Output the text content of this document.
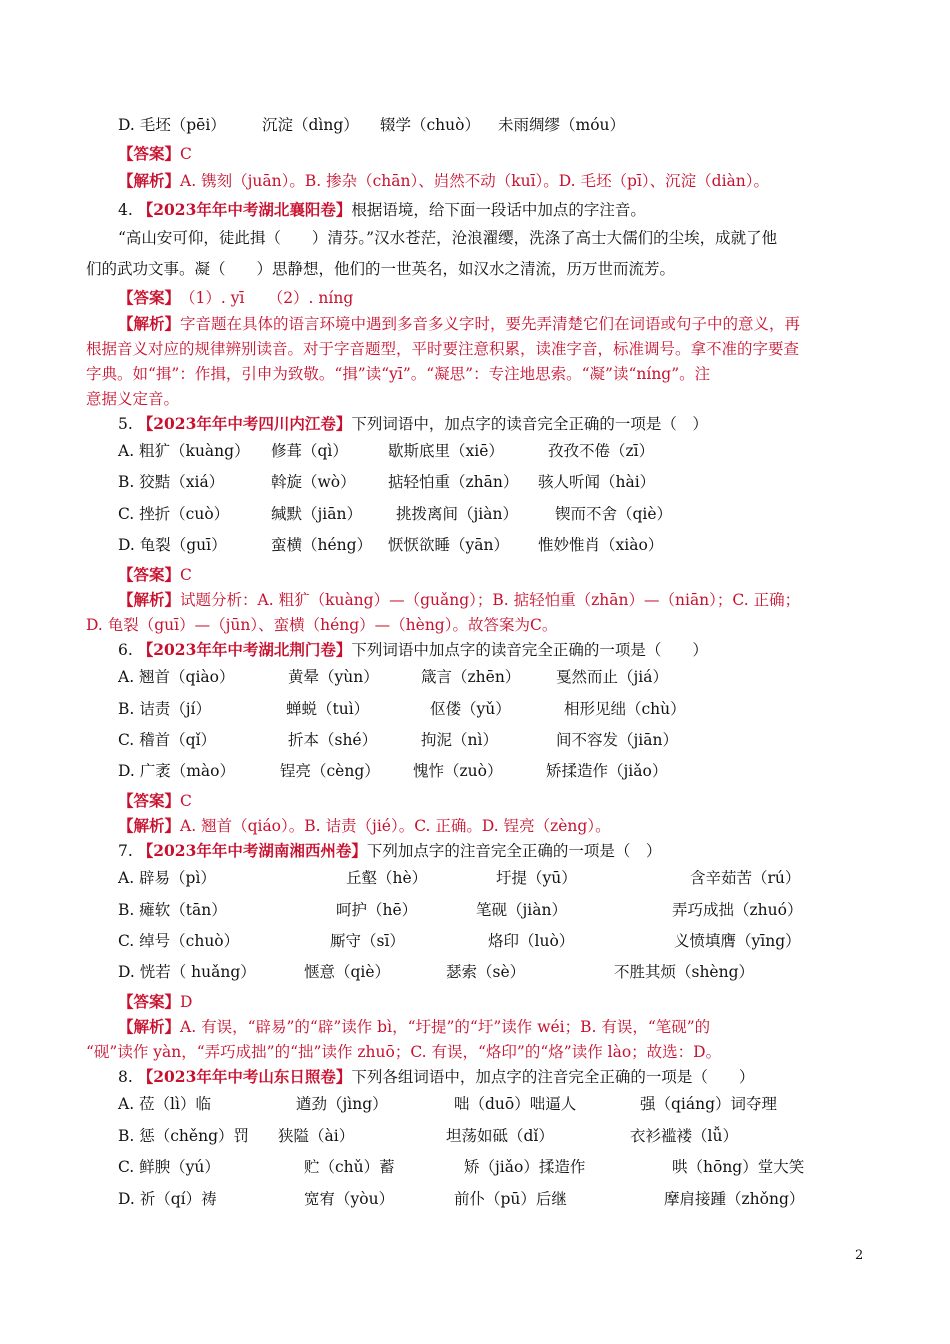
D. 毛坯（pēi） 沉淀（dìng） 辍学（chuò） 未雨绸缪（móu）
【答案】C
【解析】A. 镌刻（juān）。B. 掺杂（chān）、岿然不动（kuī）。D. 毛坯（pī）、沉淀（diàn）。
4. 【2023年年中考湖北襄阳卷】根据语境，给下面一段话中加点的字注音。
“高山安可仰，徒此揖（　　）清芬。”汉水苍茫，沧浪濯缨，洗涤了高士大儒们的尘埃，成就了他
们的武功文事。凝（　　）思静想，他们的一世英名，如汉水之清流，历万世而流芳。
【答案】　（1）. yī　　（2）. níng
【解析】字音题在具体的语言环境中遇到多音多义字时，要先弄清楚它们在词语或句子中的意义，再
根据音义对应的规律辨别读音。对于字音题型，平时要注意积累，读准字音，标准调号。拿不准的字要查
字典。如“揖”：作揖，引申为致敬。“揖”读“yī”。“凝思”：专注地思索。“凝”读“níng”。注
意据义定音。
5. 【2023年年中考四川内江卷】下列词语中，加点字的读音完全正确的一项是（　）
A. 粗犷（kuàng） 修葺（qì）	歇斯底里（xiē）	孜孜不倦（zī）
B. 狡黠（xiá）	斡旋（wò） 掂轻怕重（zhān） 骇人听闻（hài）
C. 挫折（cuò）	缄默（jiān） 挑拨离间（jiàn） 锲而不舍（qiè）
D. 龟裂（guī）	蛮横（héng） 恹恹欲睡（yān） 惟妙惟肖（xiào）
【答案】C
【解析】试题分析：A. 粗犷（kuàng）—（guǎng）；B. 掂轻怕重（zhān）—（niān）；C. 正确；
D. 龟裂（guī）—（jūn）、蛮横（héng）—（hèng）。故答案为C。
6. 【2023年年中考湖北荆门卷】下列词语中加点字的读音完全正确的一项是（　　）
A. 翘首（qiào）	黄晕（yùn）	箴言（zhēn） 戛然而止（jiá）
B. 诘责（jí）	蝉蜕（tuì）	伛偻（yǔ）	相形见绌（chù）
C. 稽首（qǐ）	折本（shé）	拘泥（nì）	间不容发（jiān）
D. 广袤（mào）	锃亮（cèng） 愧怍（zuò）	矫揉造作（jiǎo）
【答案】C
【解析】A. 翘首（qiáo）。B. 诘责（jié）。C. 正确。D. 锃亮（zèng）。
7. 【2023年年中考湖南湘西州卷】下列加点字的注音完全正确的一项是（　）
A. 辟易（pì）	丘壑（hè）	圩提（yū）	含辛茹苦（rú）
B. 瘫软（tān）	呵护（hē）	笔砚（jiàn）	弄巧成拙（zhuó）
C. 绰号（chuò）	厮守（sī）	烙印（luò）	义愤填膺（yīng）
D. 恍若（ huǎng）	惬意（qiè）	瑟索（sè）	不胜其烦（shèng）
【答案】D
【解析】A. 有误，“辟易”的“辟”读作 bì，“圩提”的“圩”读作 wéi；B. 有误，“笔砚”的
“砚”读作 yàn，“弄巧成拙”的“拙”读作 zhuō；C. 有误，“烙印”的“烙”读作 lào；故选：D。
8. 【2023年年中考山东日照卷】下列各组词语中，加点字的注音完全正确的一项是（　　）
A. 莅（lì）临	遒劲（jìng）	咄（duō）咄逼人	强（qiáng）词夺理
B. 惩（chěng）罚 狭隘（ài）	坦荡如砥（dǐ）	衣衫褴褛（lǚ）
C. 鲜腴（yú）	贮（chǔ）蓄	矫（jiǎo）揉造作	哄（hōng）堂大笑
D. 祈（qí）祷	宽宥（yòu）	前仆（pū）后继	摩肩接踵（zhǒng）
2
